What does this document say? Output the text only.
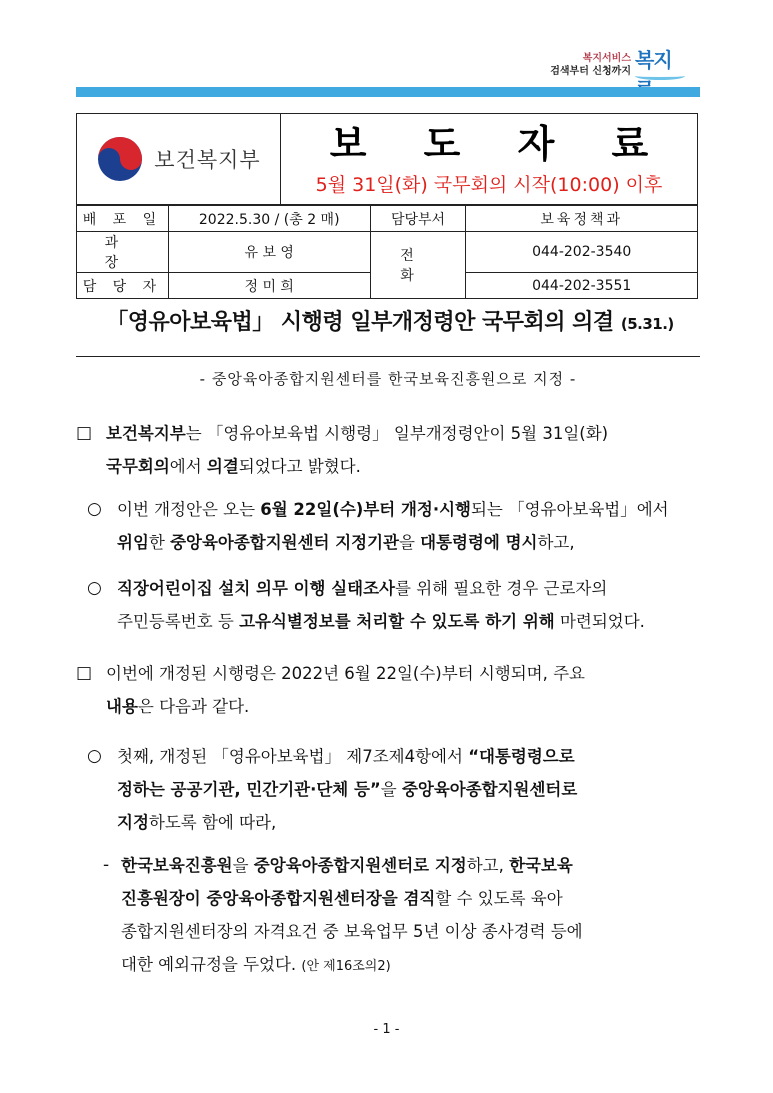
복지서비스
검색부터 신청까지 복지
보건복지부 보 도 자 료
5월 31일(화) 국무회의 시작(10:00) 이후
배 포 일	2022.5.30 / (총 2 매)	담당부서	보육정책과
과 장	유 보 영	전 화	044-202-3540
담 당 자	정 미 희		044-202-3551
「영유아보육법」 시행령 일부개정령안 국무회의 의결 (5.31.)
- 중앙육아종합지원센터를 한국보육진흥원으로 지정 -
□ 보건복지부는 「영유아보육법 시행령」 일부개정령안이 5월 31일(화)
국무회의에서 의결되었다고 밝혔다.
○ 이번 개정안은 오는 6월 22일(수)부터 개정·시행되는 「영유아보육법」에서
위임한 중앙육아종합지원센터 지정기관을 대통령령에 명시하고,
○ 직장어린이집 설치 의무 이행 실태조사를 위해 필요한 경우 근로자의
주민등록번호 등 고유식별정보를 처리할 수 있도록 하기 위해 마련되었다.
□ 이번에 개정된 시행령은 2022년 6월 22일(수)부터 시행되며, 주요
내용은 다음과 같다.
○ 첫째, 개정된 「영유아보육법」 제7조제4항에서 “대통령령으로
정하는 공공기관, 민간기관·단체 등”을 중앙육아종합지원센터로
지정하도록 함에 따라,
- 한국보육진흥원을 중앙육아종합지원센터로 지정하고, 한국보육
진흥원장이 중앙육아종합지원센터장을 겸직할 수 있도록 육아
종합지원센터장의 자격요건 중 보육업무 5년 이상 종사경력 등에
대한 예외규정을 두었다. (안 제16조의2)
- 1 -
